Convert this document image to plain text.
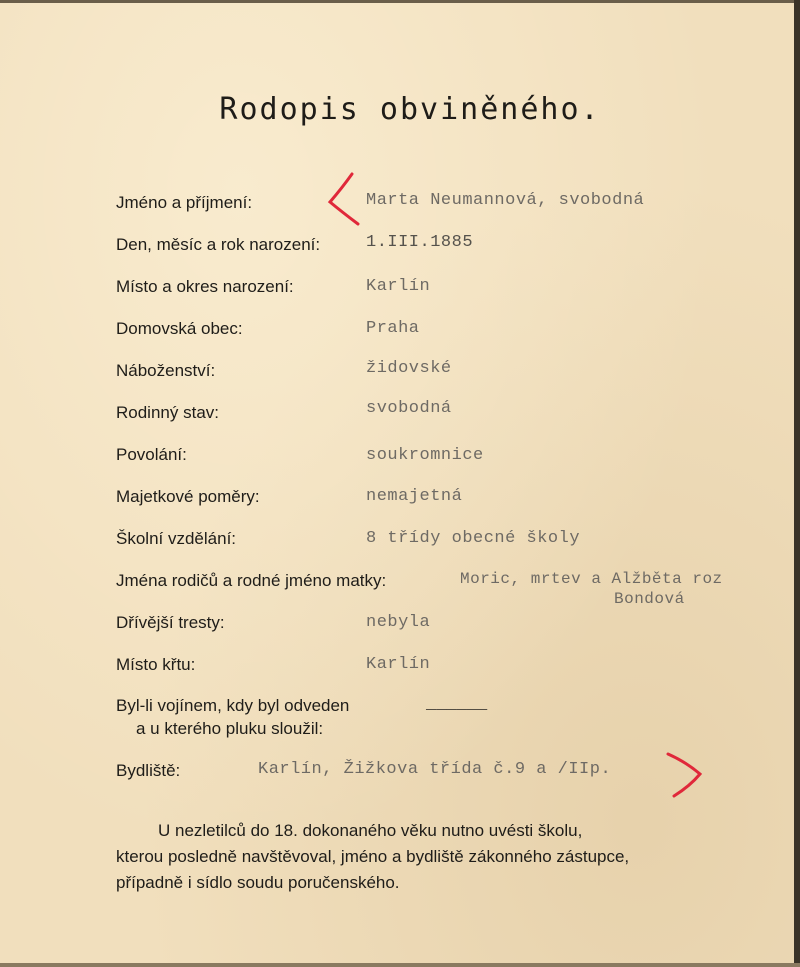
Rodopis obviněného.
Jméno a příjmení:	Marta Neumannová, svobodná
Den, měsíc a rok narození:	1.III.1885
Místo a okres narození:	Karlín
Domovská obec:	Praha
Náboženství:	židovské
Rodinný stav:	svobodná
Povolání:	soukromnice
Majetkové poměry:	nemajetná
Školní vzdělání:	8 třídy obecné školy
Jména rodičů a rodné jméno matky:	Moric, mrtev a Alžběta roz
Bondová
Dřívější tresty:	nebyla
Místo křtu:	Karlín
Byl-li vojínem, kdy byl odveden	______
a u kterého pluku sloužil:
Bydliště:	Karlín, Žižkova třída č.9 a /IIp.
U nezletilců do 18. dokonaného věku nutno uvésti školu,
kterou posledně navštěvoval, jméno a bydliště zákonného zástupce,
případně i sídlo soudu poručenského.
